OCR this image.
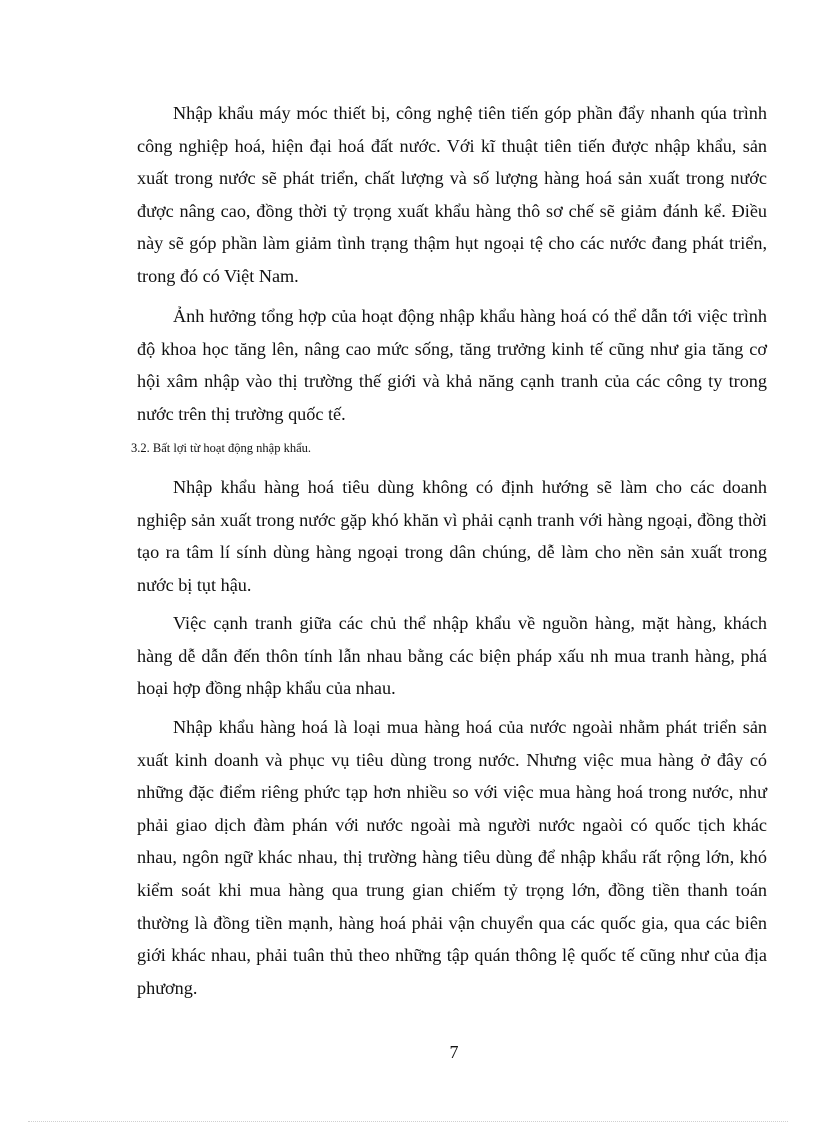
Nhập khẩu máy móc thiết bị, công nghệ tiên tiến góp phần đẩy nhanh qúa trình công nghiệp hoá, hiện đại hoá đất nước. Với kĩ thuật tiên tiến được nhập khẩu, sản xuất trong nước sẽ phát triển, chất lượng và số lượng hàng hoá sản xuất trong nước được nâng cao, đồng thời tỷ trọng xuất khẩu hàng thô sơ chế sẽ giảm đánh kể. Điều này sẽ góp phần làm giảm tình trạng thậm hụt ngoại tệ cho các nước đang phát triển, trong đó có Việt Nam.

Ảnh hưởng tổng hợp của hoạt động nhập khẩu hàng hoá có thể dẫn tới việc trình độ khoa học tăng lên, nâng cao mức sống, tăng trưởng kinh tế cũng như gia tăng cơ hội xâm nhập vào thị trường thế giới và khả năng cạnh tranh của các công ty trong nước trên thị trường quốc tế.

3.2. Bất lợi từ hoạt động nhập khẩu.

Nhập khẩu hàng hoá tiêu dùng không có định hướng sẽ làm cho các doanh nghiệp sản xuất trong nước gặp khó khăn vì phải cạnh tranh với hàng ngoại, đồng thời tạo ra tâm lí sính dùng hàng ngoại trong dân chúng, dễ làm cho nền sản xuất trong nước bị tụt hậu.

Việc cạnh tranh giữa các chủ thể nhập khẩu về nguồn hàng, mặt hàng, khách hàng dễ dẫn đến thôn tính lẫn nhau bằng các biện pháp xấu nh mua tranh hàng, phá hoại hợp đồng nhập khẩu của nhau.

Nhập khẩu hàng hoá là loại mua hàng hoá của nước ngoài nhằm phát triển sản xuất kinh doanh và phục vụ tiêu dùng trong nước. Nhưng việc mua hàng ở đây có những đặc điểm riêng phức tạp hơn nhiều so với việc mua hàng hoá trong nước, như phải giao dịch đàm phán với nước ngoài mà người nước ngaòi có quốc tịch khác nhau, ngôn ngữ khác nhau, thị trường hàng tiêu dùng để nhập khẩu rất rộng lớn, khó kiểm soát khi mua hàng qua trung gian chiếm tỷ trọng lớn, đồng tiền thanh toán thường là đồng tiền mạnh, hàng hoá phải vận chuyển qua các quốc gia, qua các biên giới khác nhau, phải tuân thủ theo những tập quán thông lệ quốc tế cũng như của địa phương.

7
